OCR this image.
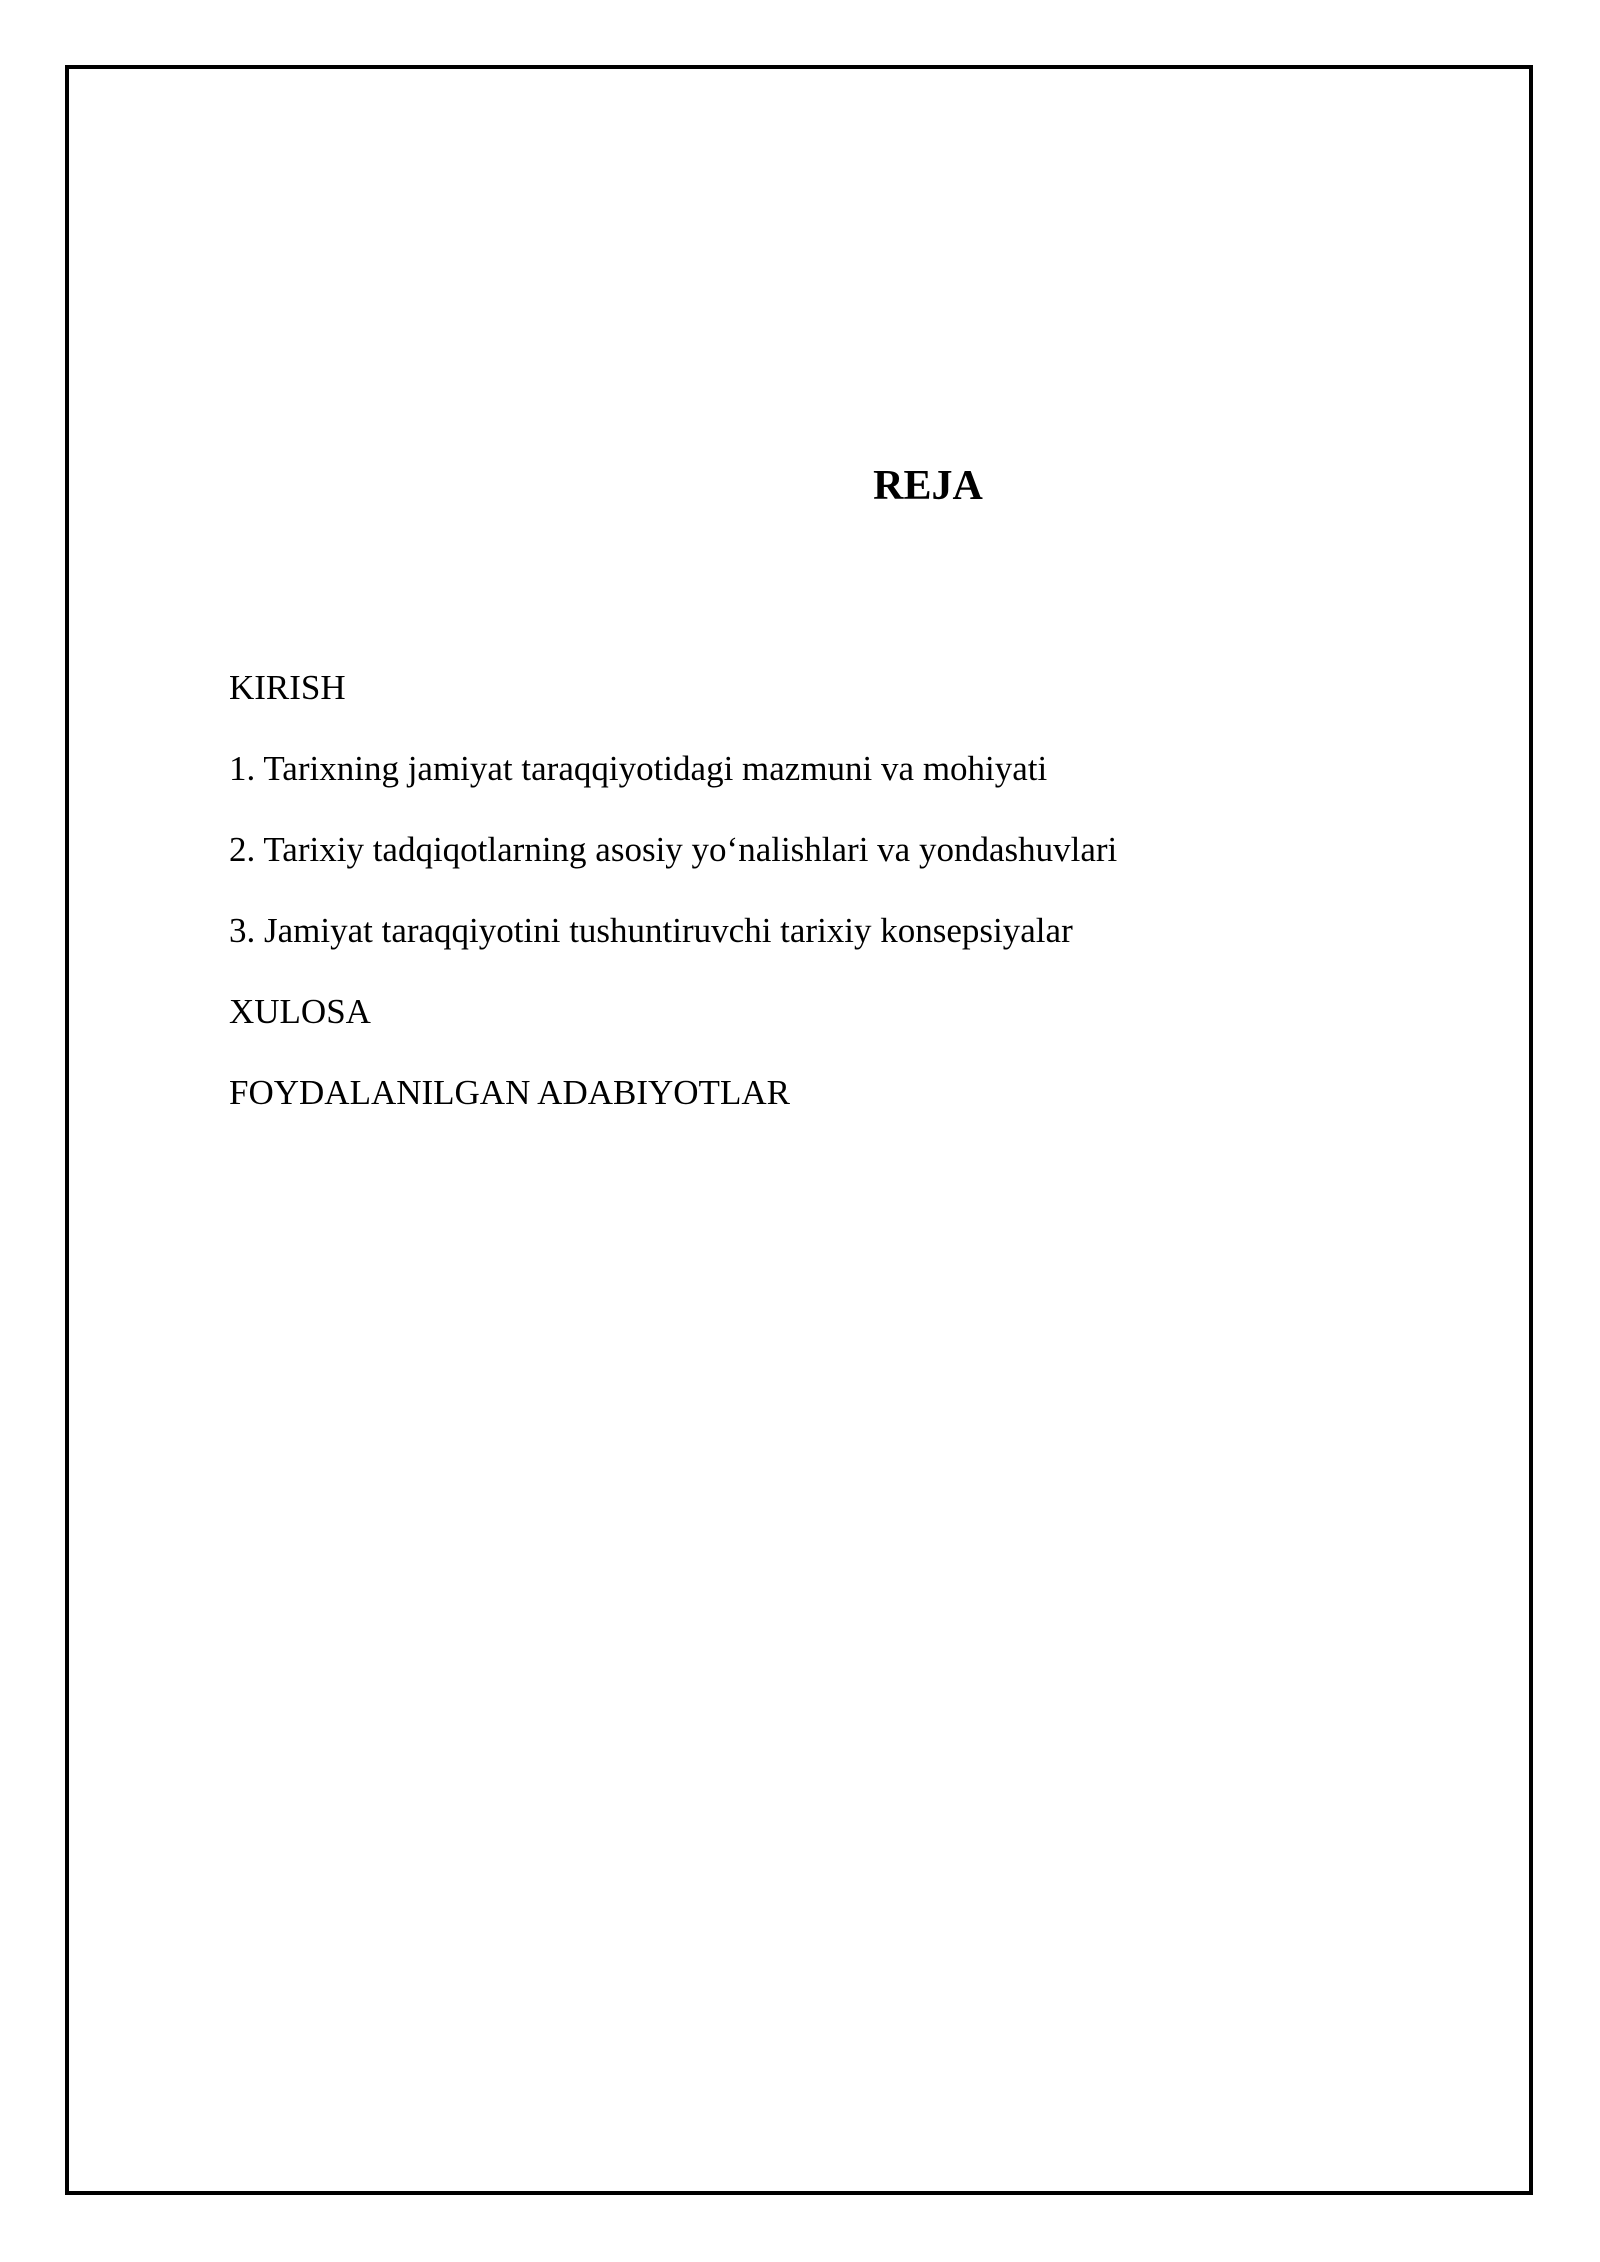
REJA
KIRISH
1. Tarixning jamiyat taraqqiyotidagi mazmuni va mohiyati
2. Tarixiy tadqiqotlarning asosiy yo‘nalishlari va yondashuvlari
3. Jamiyat taraqqiyotini tushuntiruvchi tarixiy konsepsiyalar
XULOSA
FOYDALANILGAN ADABIYOTLAR
